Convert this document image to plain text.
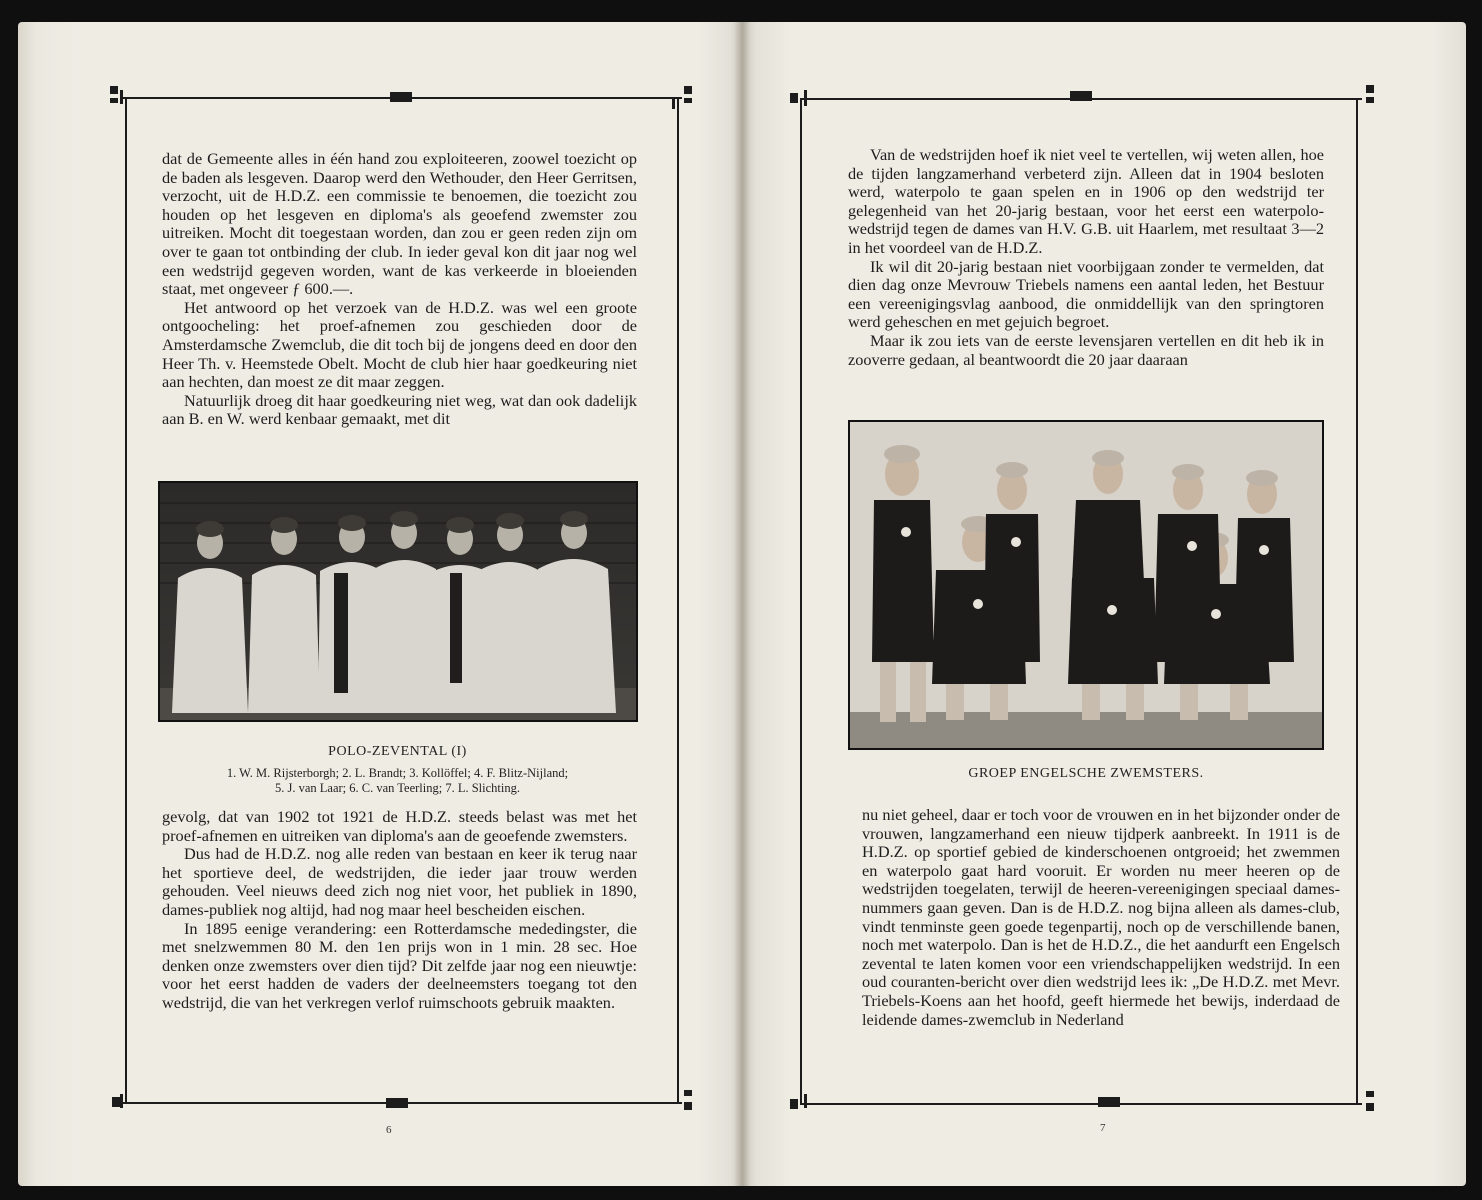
dat de Gemeente alles in één hand zou exploiteeren, zoowel toezicht op de baden als lesgeven. Daarop werd den Wethouder, den Heer Gerritsen, verzocht, uit de H.D.Z. een commissie te benoemen, die toezicht zou houden op het lesgeven en diploma's als geoefend zwemster zou uitreiken. Mocht dit toegestaan worden, dan zou er geen reden zijn om over te gaan tot ontbinding der club. In ieder geval kon dit jaar nog wel een wedstrijd gegeven worden, want de kas verkeerde in bloeienden staat, met ongeveer ƒ 600.—.

Het antwoord op het verzoek van de H.D.Z. was wel een groote ontgoocheling: het proef-afnemen zou geschieden door de Amsterdamsche Zwemclub, die dit toch bij de jongens deed en door den Heer Th. v. Heemstede Obelt. Mocht de club hier haar goedkeuring niet aan hechten, dan moest ze dit maar zeggen.

Natuurlijk droeg dit haar goedkeuring niet weg, wat dan ook dadelijk aan B. en W. werd kenbaar gemaakt, met dit

POLO-ZEVENTAL (I)
1. W. M. Rijsterborgh; 2. L. Brandt; 3. Kollöffel; 4. F. Blitz-Nijland;
5. J. van Laar; 6. C. van Teerling; 7. L. Slichting.

gevolg, dat van 1902 tot 1921 de H.D.Z. steeds belast was met het proef-afnemen en uitreiken van diploma's aan de geoefende zwemsters.

Dus had de H.D.Z. nog alle reden van bestaan en keer ik terug naar het sportieve deel, de wedstrijden, die ieder jaar trouw werden gehouden. Veel nieuws deed zich nog niet voor, het publiek in 1890, dames-publiek nog altijd, had nog maar heel bescheiden eischen.

In 1895 eenige verandering: een Rotterdamsche mededingster, die met snelzwemmen 80 M. den 1en prijs won in 1 min. 28 sec. Hoe denken onze zwemsters over dien tijd? Dit zelfde jaar nog een nieuwtje: voor het eerst hadden de vaders der deelneemsters toegang tot den wedstrijd, die van het verkregen verlof ruimschoots gebruik maakten.

6

Van de wedstrijden hoef ik niet veel te vertellen, wij weten allen, hoe de tijden langzamerhand verbeterd zijn. Alleen dat in 1904 besloten werd, waterpolo te gaan spelen en in 1906 op den wedstrijd ter gelegenheid van het 20-jarig bestaan, voor het eerst een waterpolo-wedstrijd tegen de dames van H.V. G.B. uit Haarlem, met resultaat 3—2 in het voordeel van de H.D.Z.

Ik wil dit 20-jarig bestaan niet voorbijgaan zonder te vermelden, dat dien dag onze Mevrouw Triebels namens een aantal leden, het Bestuur een vereenigingsvlag aanbood, die onmiddellijk van den springtoren werd geheschen en met gejuich begroet.

Maar ik zou iets van de eerste levensjaren vertellen en dit heb ik in zooverre gedaan, al beantwoordt die 20 jaar daaraan

GROEP ENGELSCHE ZWEMSTERS.

nu niet geheel, daar er toch voor de vrouwen en in het bijzonder onder de vrouwen, langzamerhand een nieuw tijdperk aanbreekt. In 1911 is de H.D.Z. op sportief gebied de kinderschoenen ontgroeid; het zwemmen en waterpolo gaat hard vooruit. Er worden nu meer heeren op de wedstrijden toegelaten, terwijl de heeren-vereenigingen speciaal dames-nummers gaan geven. Dan is de H.D.Z. nog bijna alleen als dames-club, vindt tenminste geen goede tegenpartij, noch op de verschillende banen, noch met waterpolo. Dan is het de H.D.Z., die het aandurft een Engelsch zevental te laten komen voor een vriendschappelijken wedstrijd. In een oud couranten-bericht over dien wedstrijd lees ik: „De H.D.Z. met Mevr. Triebels-Koens aan het hoofd, geeft hiermede het bewijs, inderdaad de leidende dames-zwemclub in Nederland

7
